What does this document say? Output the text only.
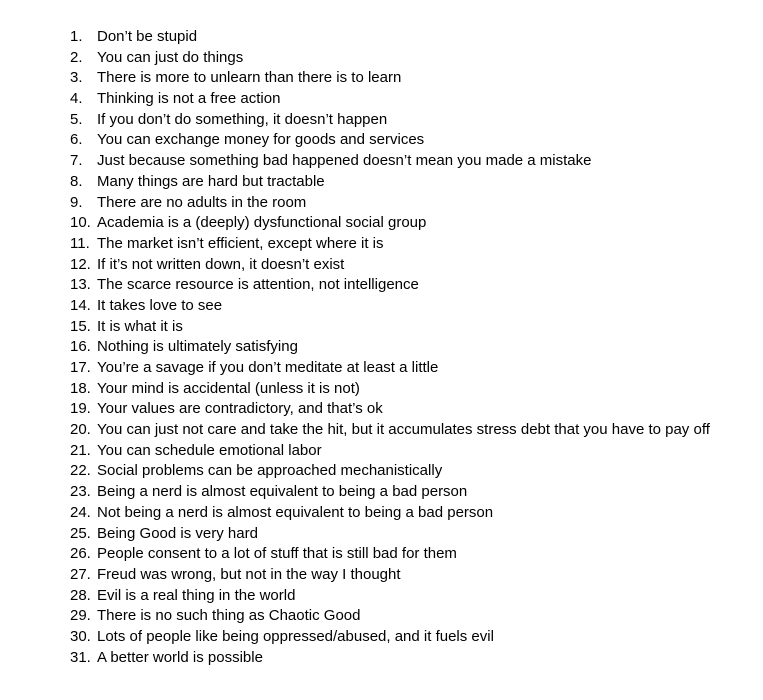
1. Don’t be stupid
2. You can just do things
3. There is more to unlearn than there is to learn
4. Thinking is not a free action
5. If you don’t do something, it doesn’t happen
6. You can exchange money for goods and services
7. Just because something bad happened doesn’t mean you made a mistake
8. Many things are hard but tractable
9. There are no adults in the room
10. Academia is a (deeply) dysfunctional social group
11. The market isn’t efficient, except where it is
12. If it’s not written down, it doesn’t exist
13. The scarce resource is attention, not intelligence
14. It takes love to see
15. It is what it is
16. Nothing is ultimately satisfying
17. You’re a savage if you don’t meditate at least a little
18. Your mind is accidental (unless it is not)
19. Your values are contradictory, and that’s ok
20. You can just not care and take the hit, but it accumulates stress debt that you have to pay off
21. You can schedule emotional labor
22. Social problems can be approached mechanistically
23. Being a nerd is almost equivalent to being a bad person
24. Not being a nerd is almost equivalent to being a bad person
25. Being Good is very hard
26. People consent to a lot of stuff that is still bad for them
27. Freud was wrong, but not in the way I thought
28. Evil is a real thing in the world
29. There is no such thing as Chaotic Good
30. Lots of people like being oppressed/abused, and it fuels evil
31. A better world is possible
